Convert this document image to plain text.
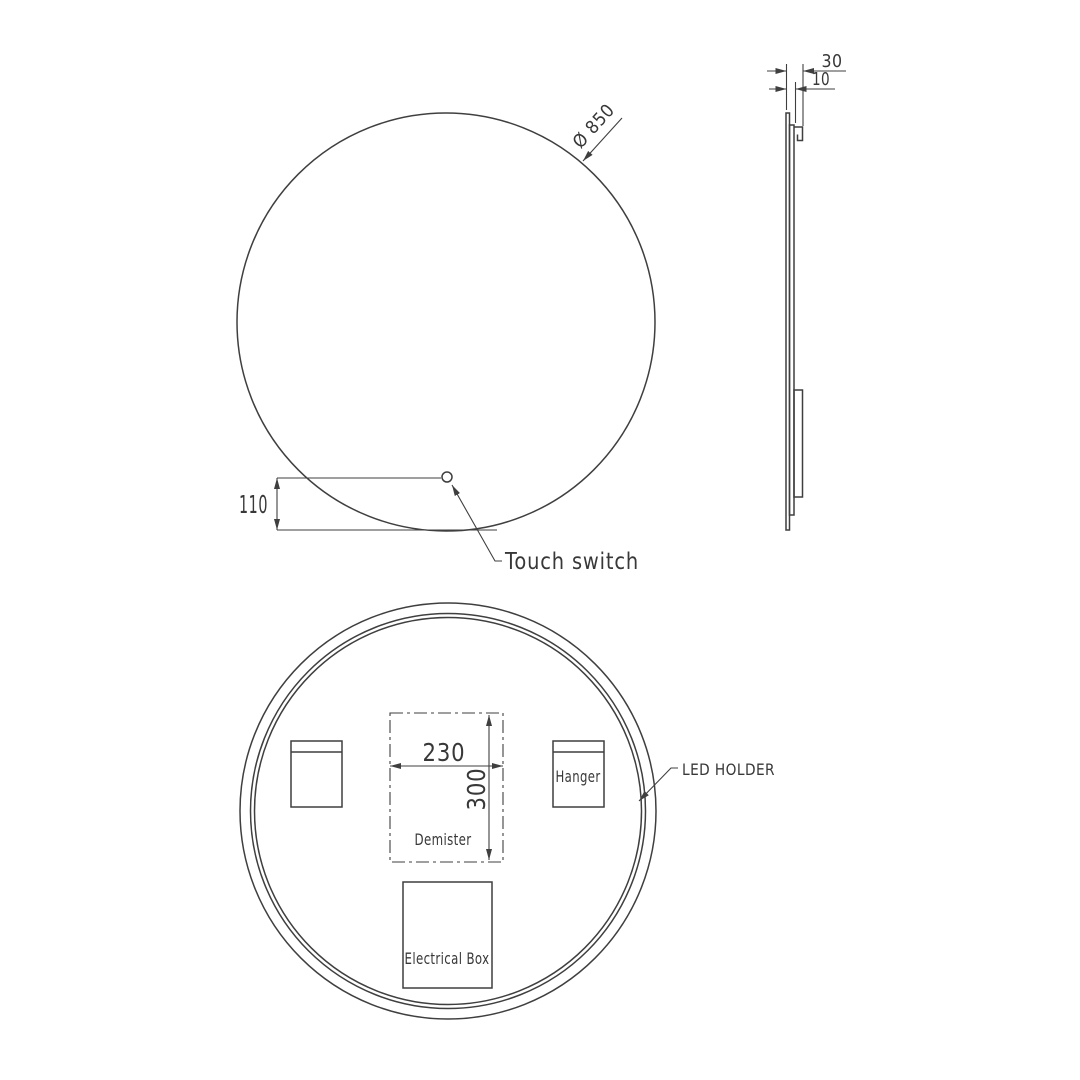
Ø 850
110
Touch switch
30
10
Demister
230
300	Hanger
Electrical Box
LED HOLDER
